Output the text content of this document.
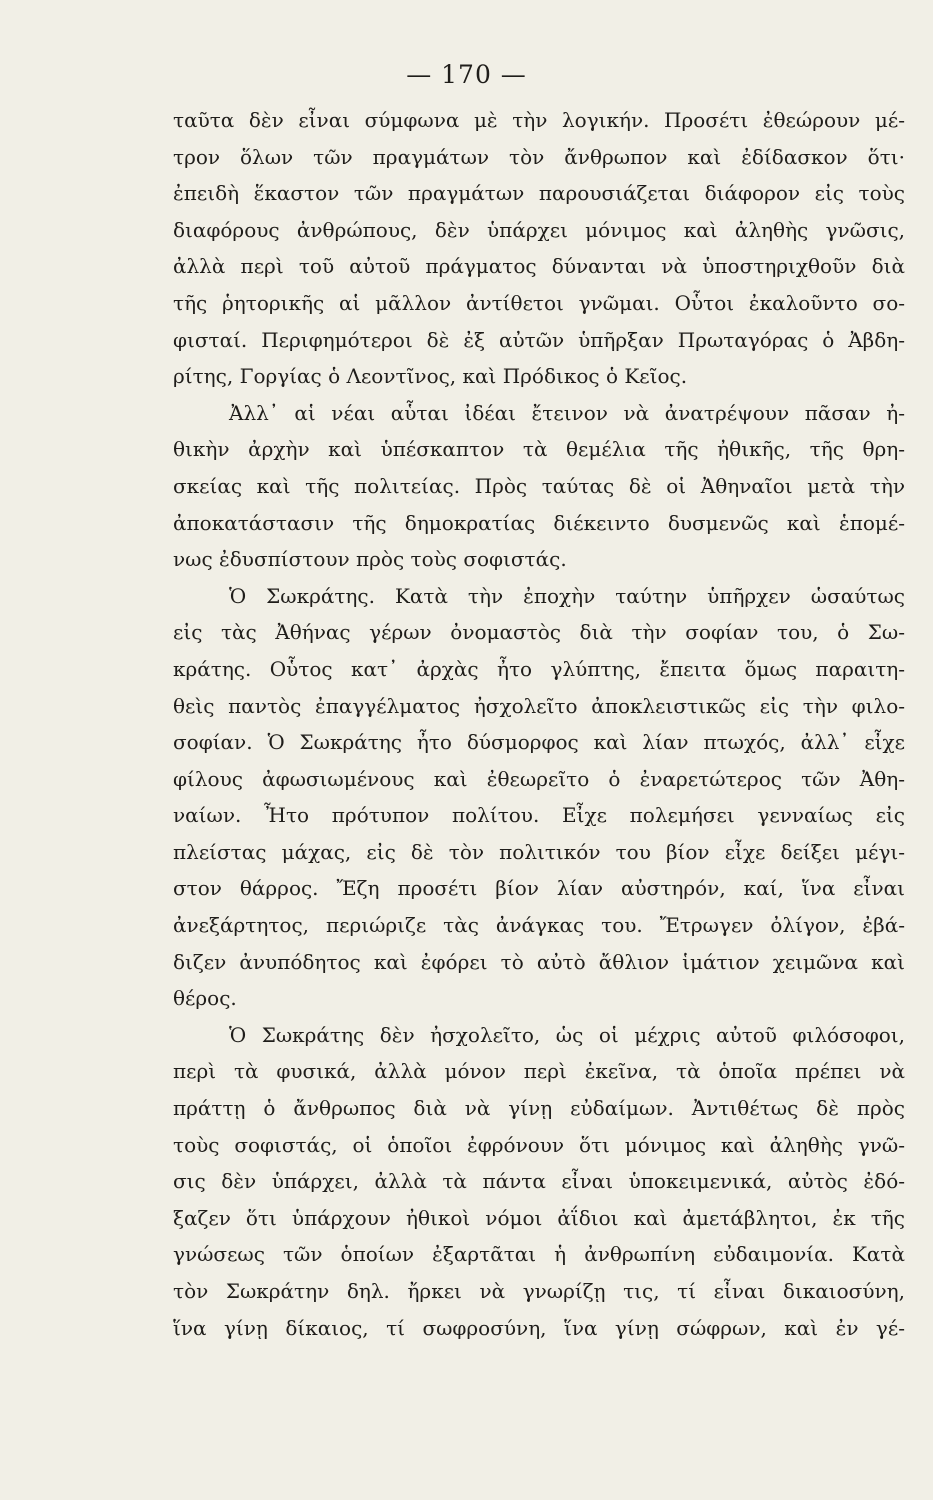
— 170 —
ταῦτα δὲν εἶναι σύμφωνα μὲ τὴν λογικήν. Προσέτι ἐθεώρουν μέ-
τρον ὅλων τῶν πραγμάτων τὸν ἄνθρωπον καὶ ἐδίδασκον ὅτι·
ἐπειδὴ ἕκαστον τῶν πραγμάτων παρουσιάζεται διάφορον εἰς τοὺς
διαφόρους ἀνθρώπους, δὲν ὑπάρχει μόνιμος καὶ ἀληθὴς γνῶσις,
ἀλλὰ περὶ τοῦ αὐτοῦ πράγματος δύνανται νὰ ὑποστηριχθοῦν διὰ
τῆς ῥητορικῆς αἱ μᾶλλον ἀντίθετοι γνῶμαι. Οὗτοι ἐκαλοῦντο σο-
φισταί. Περιφημότεροι δὲ ἐξ αὐτῶν ὑπῆρξαν Πρωταγόρας ὁ Ἀβδη-
ρίτης, Γοργίας ὁ Λεοντῖνος, καὶ Πρόδικος ὁ Κεῖος.
Ἀλλ᾿ αἱ νέαι αὗται ἰδέαι ἔτεινον νὰ ἀνατρέψουν πᾶσαν ἠ-
θικὴν ἀρχὴν καὶ ὑπέσκαπτον τὰ θεμέλια τῆς ἠθικῆς, τῆς θρη-
σκείας καὶ τῆς πολιτείας. Πρὸς ταύτας δὲ οἱ Ἀθηναῖοι μετὰ τὴν
ἀποκατάστασιν τῆς δημοκρατίας διέκειντο δυσμενῶς καὶ ἑπομέ-
νως ἐδυσπίστουν πρὸς τοὺς σοφιστάς.
Ὁ Σωκράτης. Κατὰ τὴν ἐποχὴν ταύτην ὑπῆρχεν ὡσαύτως
εἰς τὰς Ἀθήνας γέρων ὀνομαστὸς διὰ τὴν σοφίαν του, ὁ Σω-
κράτης. Οὗτος κατ᾿ ἀρχὰς ἦτο γλύπτης, ἔπειτα ὅμως παραιτη-
θεὶς παντὸς ἐπαγγέλματος ἠσχολεῖτο ἀποκλειστικῶς εἰς τὴν φιλο-
σοφίαν. Ὁ Σωκράτης ἦτο δύσμορφος καὶ λίαν πτωχός, ἀλλ᾿ εἶχε
φίλους ἀφωσιωμένους καὶ ἐθεωρεῖτο ὁ ἐναρετώτερος τῶν Ἀθη-
ναίων. Ἦτο πρότυπον πολίτου. Εἶχε πολεμήσει γενναίως εἰς
πλείστας μάχας, εἰς δὲ τὸν πολιτικόν του βίον εἶχε δείξει μέγι-
στον θάρρος. Ἔζη προσέτι βίον λίαν αὐστηρόν, καί, ἵνα εἶναι
ἀνεξάρτητος, περιώριζε τὰς ἀνάγκας του. Ἔτρωγεν ὀλίγον, ἐβά-
διζεν ἀνυπόδητος καὶ ἐφόρει τὸ αὐτὸ ἄθλιον ἱμάτιον χειμῶνα καὶ
θέρος.
Ὁ Σωκράτης δὲν ἠσχολεῖτο, ὡς οἱ μέχρις αὐτοῦ φιλόσοφοι,
περὶ τὰ φυσικά, ἀλλὰ μόνον περὶ ἐκεῖνα, τὰ ὁποῖα πρέπει νὰ
πράττῃ ὁ ἄνθρωπος διὰ νὰ γίνῃ εὐδαίμων. Ἀντιθέτως δὲ πρὸς
τοὺς σοφιστάς, οἱ ὁποῖοι ἐφρόνουν ὅτι μόνιμος καὶ ἀληθὴς γνῶ-
σις δὲν ὑπάρχει, ἀλλὰ τὰ πάντα εἶναι ὑποκειμενικά, αὐτὸς ἐδό-
ξαζεν ὅτι ὑπάρχουν ἠθικοὶ νόμοι ἀΐδιοι καὶ ἀμετάβλητοι, ἐκ τῆς
γνώσεως τῶν ὁποίων ἐξαρτᾶται ἡ ἀνθρωπίνη εὐδαιμονία. Κατὰ
τὸν Σωκράτην δηλ. ἤρκει νὰ γνωρίζῃ τις, τί εἶναι δικαιοσύνη,
ἵνα γίνῃ δίκαιος, τί σωφροσύνη, ἵνα γίνῃ σώφρων, καὶ ἐν γέ-
